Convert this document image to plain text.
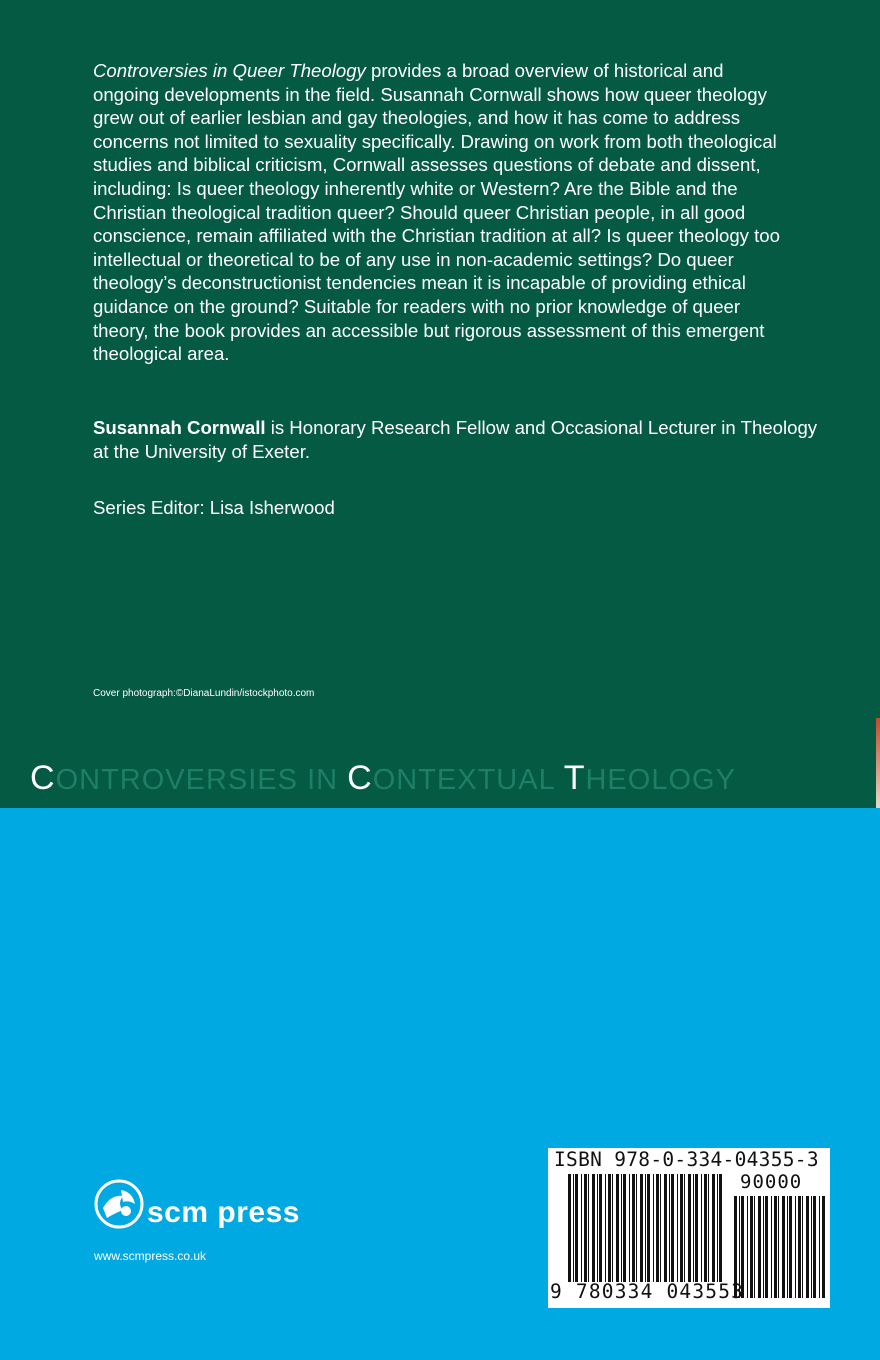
Controversies in Queer Theology provides a broad overview of historical and ongoing developments in the field. Susannah Cornwall shows how queer theology grew out of earlier lesbian and gay theologies, and how it has come to address concerns not limited to sexuality specifically. Drawing on work from both theological studies and biblical criticism, Cornwall assesses questions of debate and dissent, including: Is queer theology inherently white or Western? Are the Bible and the Christian theological tradition queer? Should queer Christian people, in all good conscience, remain affiliated with the Christian tradition at all? Is queer theology too intellectual or theoretical to be of any use in non-academic settings? Do queer theology’s deconstructionist tendencies mean it is incapable of providing ethical guidance on the ground? Suitable for readers with no prior knowledge of queer theory, the book provides an accessible but rigorous assessment of this emergent theological area.

Susannah Cornwall is Honorary Research Fellow and Occasional Lecturer in Theology at the University of Exeter.

Series Editor: Lisa Isherwood

Cover photograph:©DianaLundin/istockphoto.com

CONTROVERSIES IN CONTEXTUAL THEOLOGY
scm press
www.scmpress.co.uk
ISBN 978-0-334-04355-3
90000
9 780334 043553
